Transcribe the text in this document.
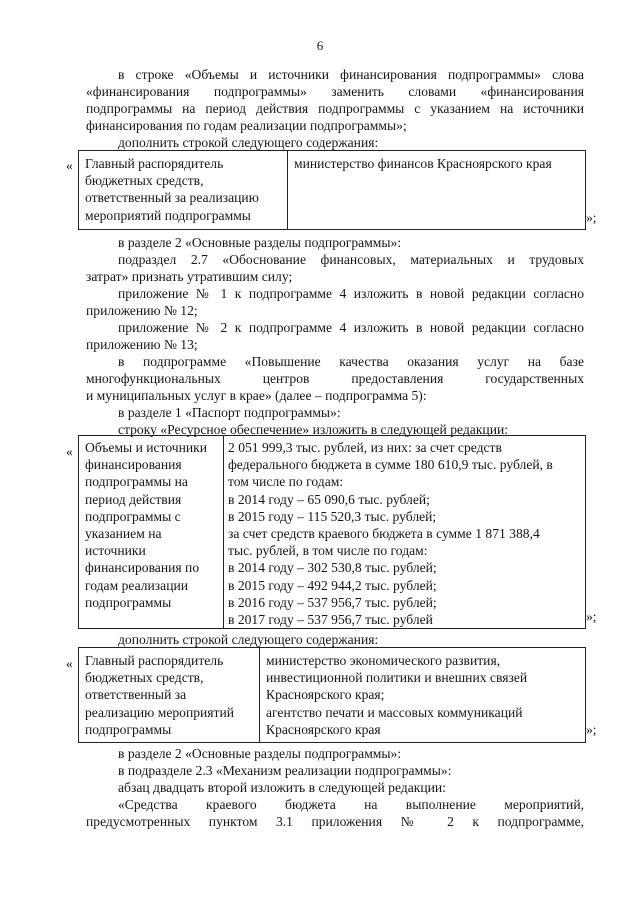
6
в строке «Объемы и источники финансирования подпрограммы» слова
«финансирования подпрограммы» заменить словами «финансирования
подпрограммы на период действия подпрограммы с указанием на источники
финансирования по годам реализации подпрограммы»;
дополнить строкой следующего содержания:
« Главный распорядитель
бюджетных средств,
ответственный за реализацию
мероприятий подпрограммы
министерство финансов Красноярского края
»;
в разделе 2 «Основные разделы подпрограммы»:
подраздел 2.7 «Обоснование финансовых, материальных и трудовых
затрат» признать утратившим силу;
приложение № 1 к подпрограмме 4 изложить в новой редакции согласно
приложению № 12;
приложение № 2 к подпрограмме 4 изложить в новой редакции согласно
приложению № 13;
в подпрограмме «Повышение качества оказания услуг на базе
многофункциональных центров предоставления государственных
и муниципальных услуг в крае» (далее – подпрограмма 5):
в разделе 1 «Паспорт подпрограммы»:
строку «Ресурсное обеспечение» изложить в следующей редакции:
« Объемы и источники
финансирования
подпрограммы на
период действия
подпрограммы с
указанием на
источники
финансирования по
годам реализации
подпрограммы
2 051 999,3 тыс. рублей, из них: за счет средств
федерального бюджета в сумме 180 610,9 тыс. рублей, в
том числе по годам:
в 2014 году – 65 090,6 тыс. рублей;
в 2015 году – 115 520,3 тыс. рублей;
за счет средств краевого бюджета в сумме 1 871 388,4
тыс. рублей, в том числе по годам:
в 2014 году – 302 530,8 тыс. рублей;
в 2015 году – 492 944,2 тыс. рублей;
в 2016 году – 537 956,7 тыс. рублей;
в 2017 году – 537 956,7 тыс. рублей	»;
дополнить строкой следующего содержания:
« Главный распорядитель
бюджетных средств,
ответственный за
реализацию мероприятий
подпрограммы
министерство экономического развития,
инвестиционной политики и внешних связей
Красноярского края;
агентство печати и массовых коммуникаций
Красноярского края	»;
в разделе 2 «Основные разделы подпрограммы»:
в подразделе 2.3 «Механизм реализации подпрограммы»:
абзац двадцать второй изложить в следующей редакции:
«Средства краевого бюджета на выполнение мероприятий,
предусмотренных пунктом 3.1 приложения № 2 к подпрограмме,
